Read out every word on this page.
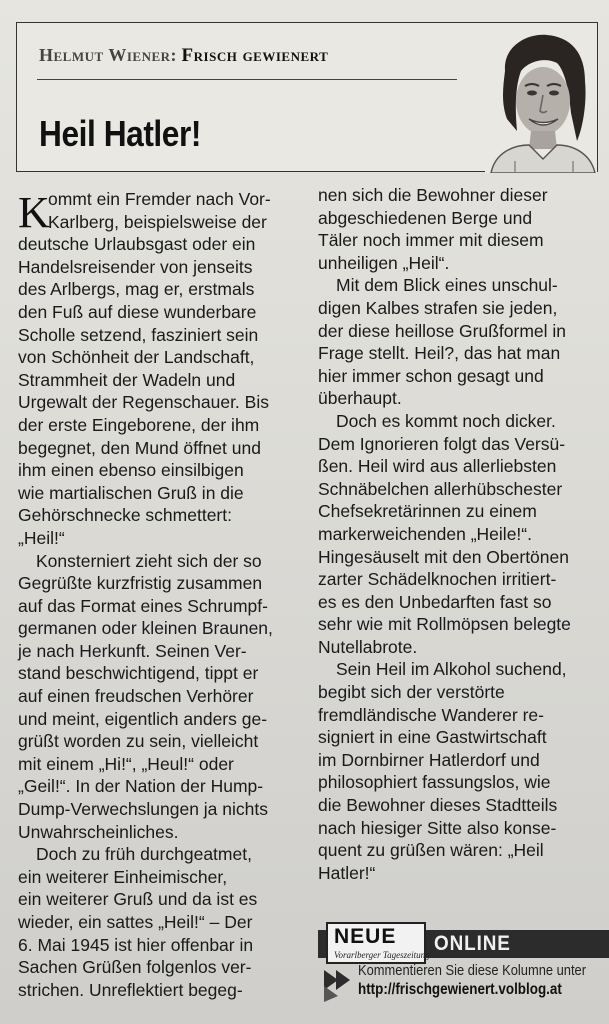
Helmut Wiener: Frisch gewienert
Heil Hatler!

K
ommt ein Fremder nach Vor-
Karlberg, beispielsweise der
deutsche Urlaubsgast oder ein
Handelsreisender von jenseits
des Arlbergs, mag er, erstmals
den Fuß auf diese wunderbare
Scholle setzend, fasziniert sein
von Schönheit der Landschaft,
Strammheit der Wadeln und
Urgewalt der Regenschauer. Bis
der erste Eingeborene, der ihm
begegnet, den Mund öffnet und
ihm einen ebenso einsilbigen
wie martialischen Gruß in die
Gehörschnecke schmettert:
„Heil!“

Konsterniert zieht sich der so
Gegrüßte kurzfristig zusammen
auf das Format eines Schrumpf-
germanen oder kleinen Braunen,
je nach Herkunft. Seinen Ver-
stand beschwichtigend, tippt er
auf einen freudschen Verhörer
und meint, eigentlich anders ge-
grüßt worden zu sein, vielleicht
mit einem „Hi!“, „Heul!“ oder
„Geil!“. In der Nation der Hump-
Dump-Verwechslungen ja nichts
Unwahrscheinliches.

Doch zu früh durchgeatmet,
ein weiterer Einheimischer,
ein weiterer Gruß und da ist es
wieder, ein sattes „Heil!“ – Der
6. Mai 1945 ist hier offenbar in
Sachen Grüßen folgenlos ver-
strichen. Unreflektiert begeg-

nen sich die Bewohner dieser
abgeschiedenen Berge und
Täler noch immer mit diesem
unheiligen „Heil“.

Mit dem Blick eines unschul-
digen Kalbes strafen sie jeden,
der diese heillose Grußformel in
Frage stellt. Heil?, das hat man
hier immer schon gesagt und
überhaupt.

Doch es kommt noch dicker.
Dem Ignorieren folgt das Versü-
ßen. Heil wird aus allerliebsten
Schnäbelchen allerhübschester
Chefsekretärinnen zu einem
markerweichenden „Heile!“.
Hingesäuselt mit den Obertönen
zarter Schädelknochen irritiert-
es es den Unbedarften fast so
sehr wie mit Rollmöpsen belegte
Nutellabrote.

Sein Heil im Alkohol suchend,
begibt sich der verstörte
fremdländische Wanderer re-
signiert in eine Gastwirtschaft
im Dornbirner Hatlerdorf und
philosophiert fassungslos, wie
die Bewohner dieses Stadtteils
nach hiesiger Sitte also konse-
quent zu grüßen wären: „Heil
Hatler!“

NEUE
Vorarlberger Tageszeitung ONLINE
Kommentieren Sie diese Kolumne unter
http://frischgewienert.volblog.at
